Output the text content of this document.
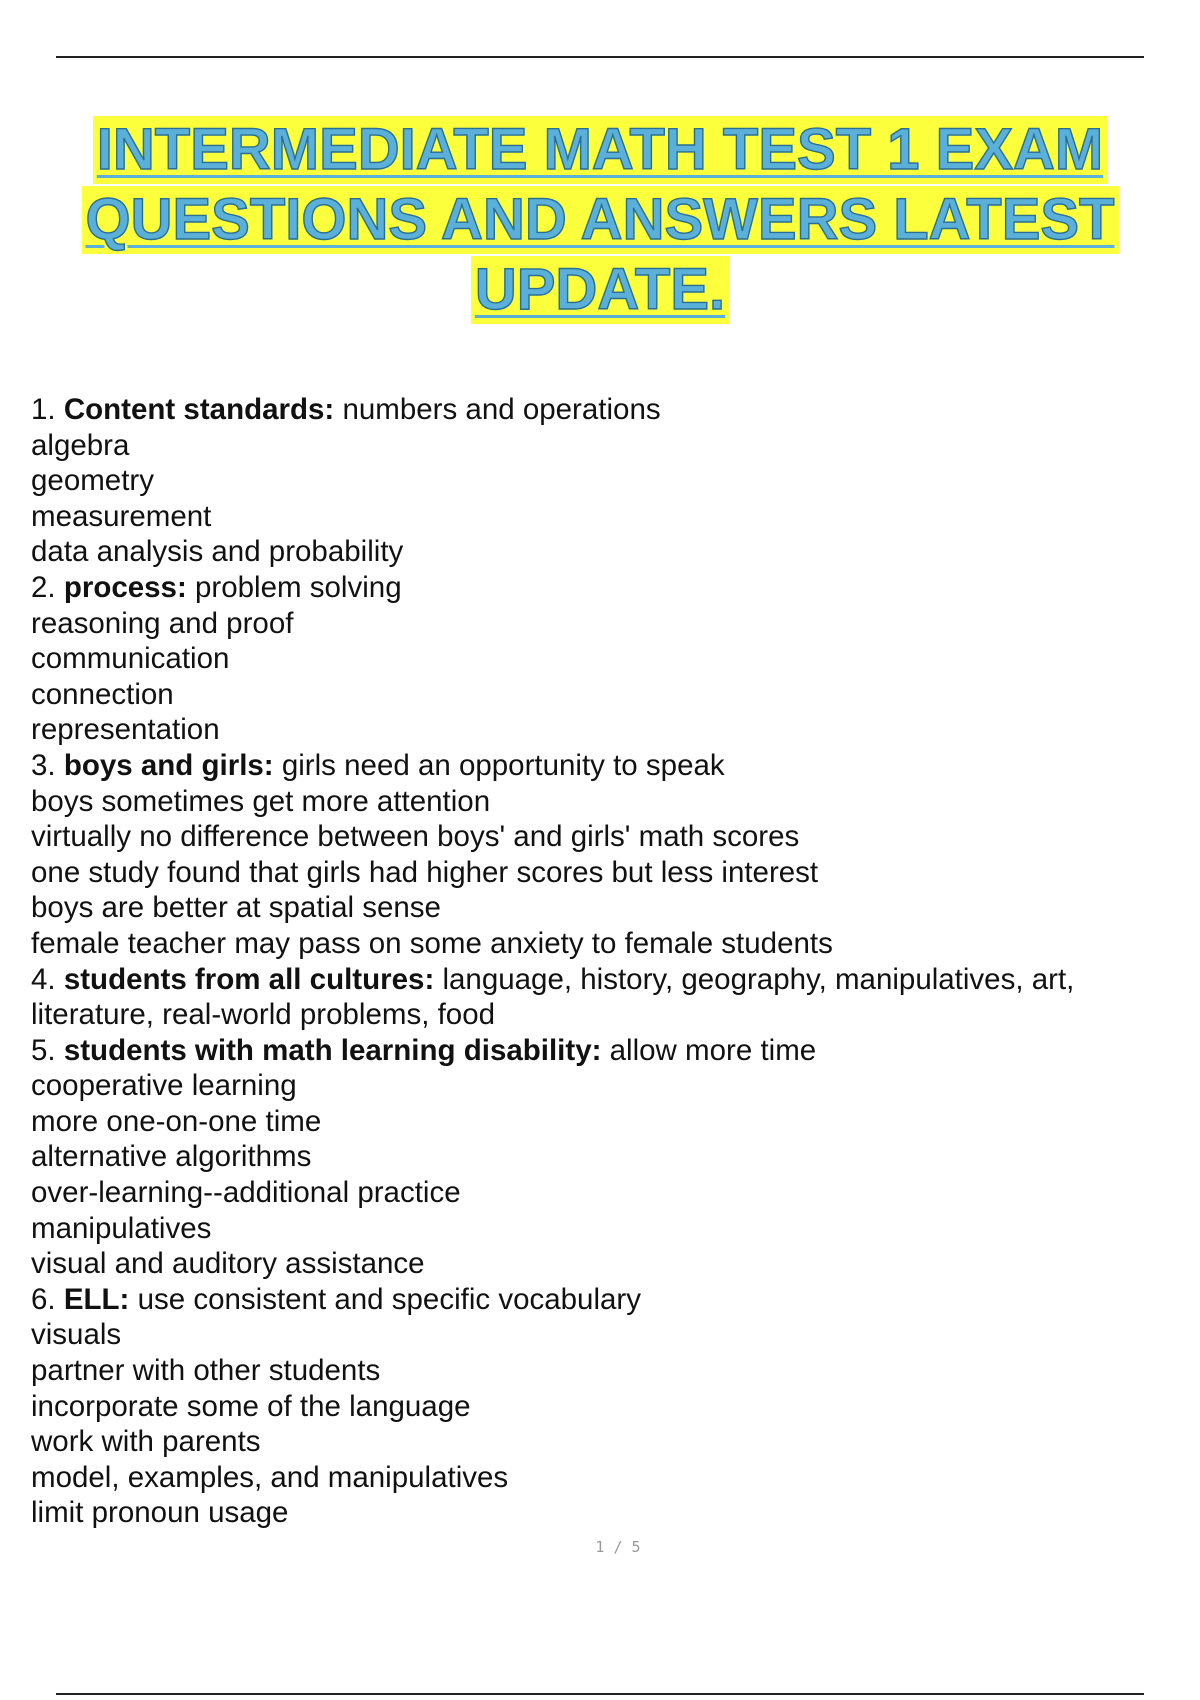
INTERMEDIATE MATH TEST 1 EXAM
QUESTIONS AND ANSWERS LATEST
UPDATE.
1. Content standards: numbers and operations
algebra
geometry
measurement
data analysis and probability
2. process: problem solving
reasoning and proof
communication
connection
representation
3. boys and girls: girls need an opportunity to speak
boys sometimes get more attention
virtually no difference between boys' and girls' math scores
one study found that girls had higher scores but less interest
boys are better at spatial sense
female teacher may pass on some anxiety to female students
4. students from all cultures: language, history, geography, manipulatives, art,
literature, real-world problems, food
5. students with math learning disability: allow more time
cooperative learning
more one-on-one time
alternative algorithms
over-learning--additional practice
manipulatives
visual and auditory assistance
6. ELL: use consistent and specific vocabulary
visuals
partner with other students
incorporate some of the language
work with parents
model, examples, and manipulatives
limit pronoun usage
1 / 5
